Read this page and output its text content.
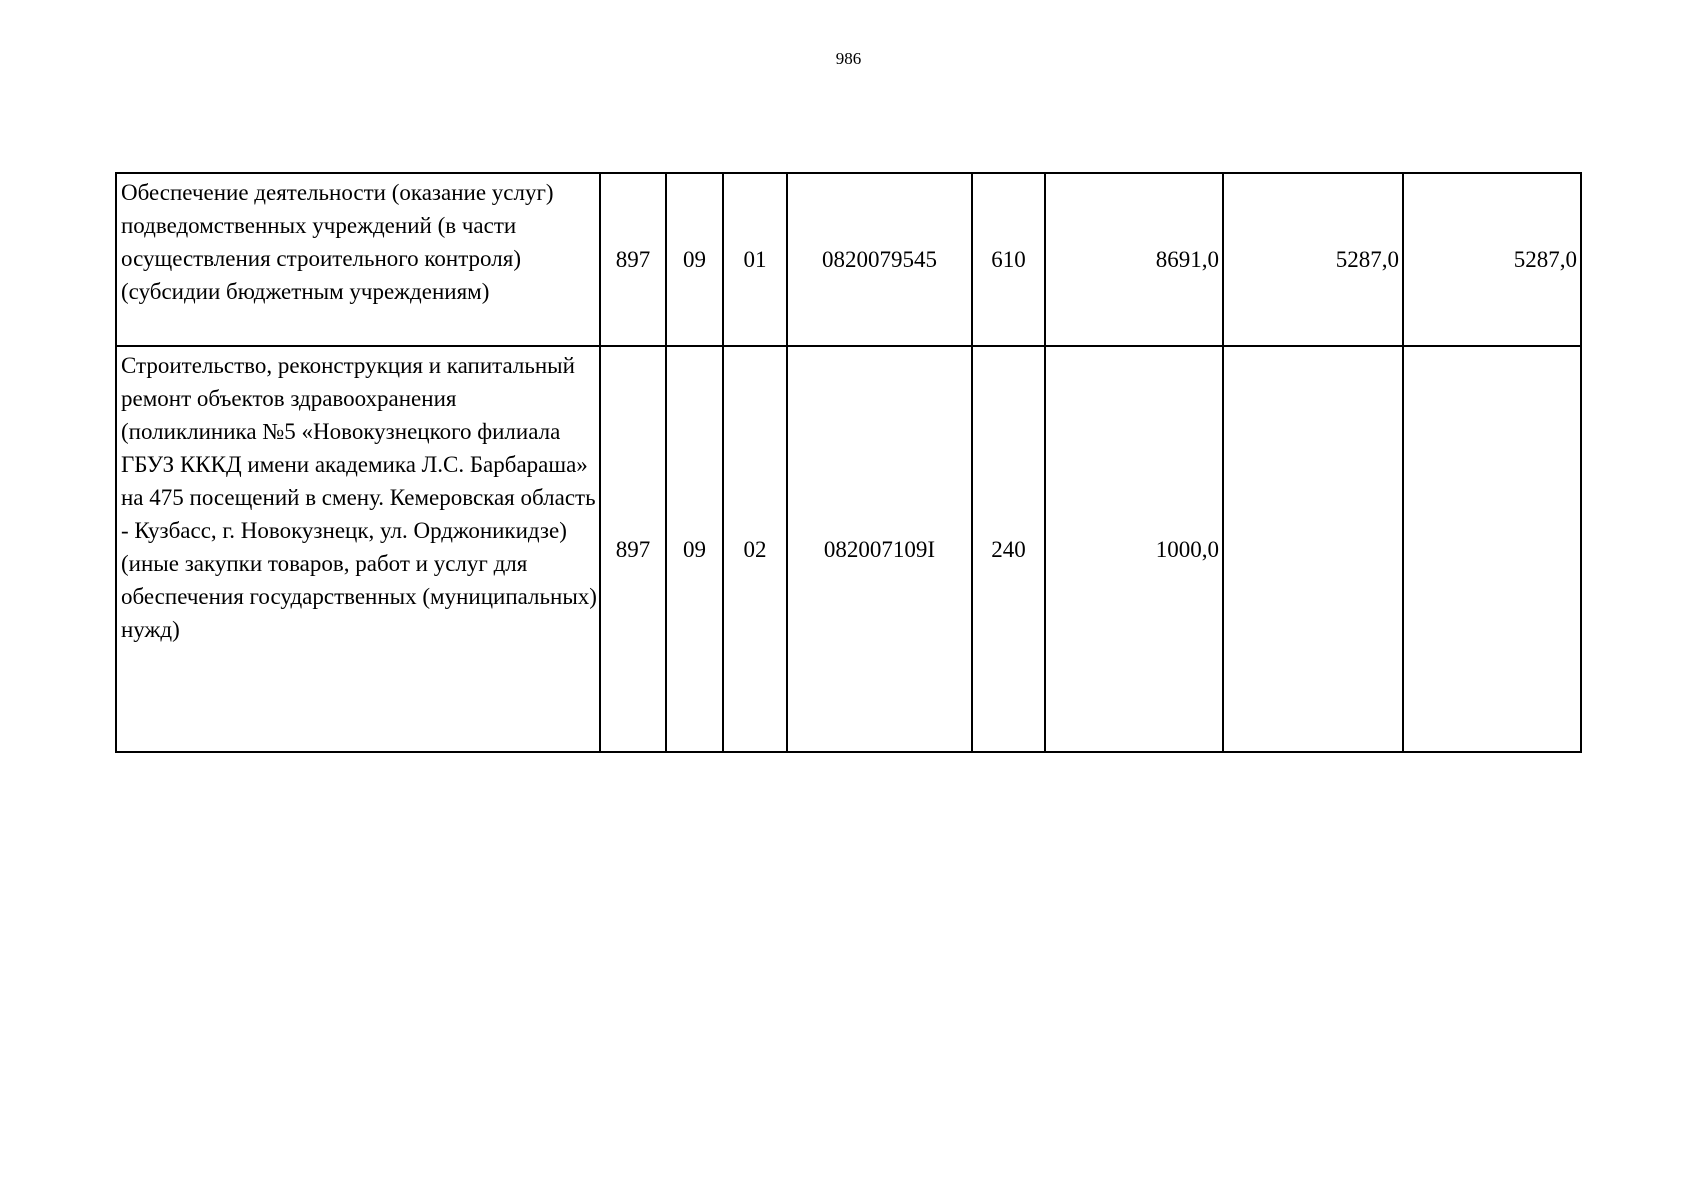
986
Обеспечение деятельности (оказание услуг) подведомственных учреждений (в части осуществления строительного контроля) (субсидии бюджетным учреждениям)	897	09	01	0820079545	610	8691,0	5287,0	5287,0
Строительство, реконструкция и капитальный ремонт объектов здравоохранения (поликлиника №5 «Новокузнецкого филиала ГБУЗ КККД имени академика Л.С. Барбараша» на 475 посещений в смену. Кемеровская область - Кузбасс, г. Новокузнецк, ул. Орджоникидзе) (иные закупки товаров, работ и услуг для обеспечения государственных (муниципальных) нужд)	897	09	02	082007109I	240	1000,0		
